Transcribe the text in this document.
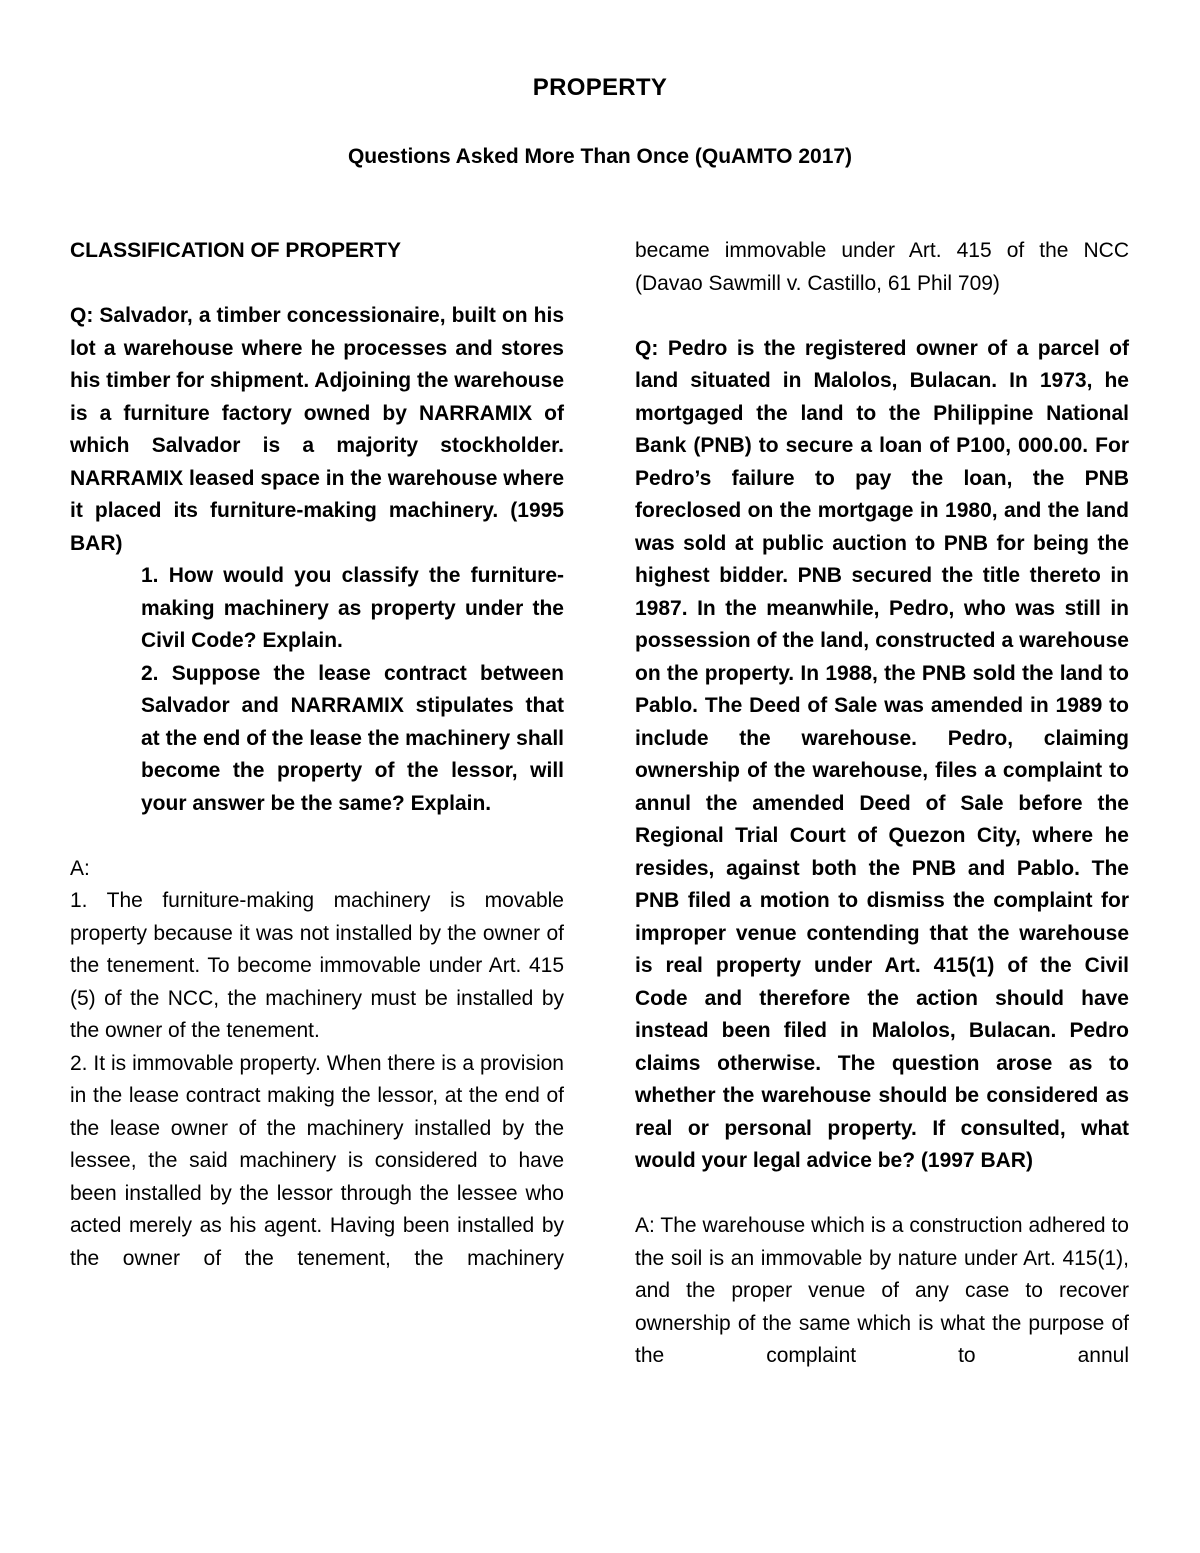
PROPERTY
Questions Asked More Than Once (QuAMTO 2017)

CLASSIFICATION OF PROPERTY

Q: Salvador, a timber concessionaire, built on his lot a warehouse where he processes and stores his timber for shipment. Adjoining the warehouse is a furniture factory owned by NARRAMIX of which Salvador is a majority stockholder. NARRAMIX leased space in the warehouse where it placed its furniture-making machinery. (1995 BAR)

1. How would you classify the furniture-making machinery as property under the Civil Code? Explain.

2. Suppose the lease contract between Salvador and NARRAMIX stipulates that at the end of the lease the machinery shall become the property of the lessor, will your answer be the same? Explain.

A:

1. The furniture-making machinery is movable property because it was not installed by the owner of the tenement. To become immovable under Art. 415 (5) of the NCC, the machinery must be installed by the owner of the tenement.

2. It is immovable property. When there is a provision in the lease contract making the lessor, at the end of the lease owner of the machinery installed by the lessee, the said machinery is considered to have been installed by the lessor through the lessee who acted merely as his agent. Having been installed by the owner of the tenement, the machinery

became immovable under Art. 415 of the NCC (Davao Sawmill v. Castillo, 61 Phil 709)

Q: Pedro is the registered owner of a parcel of land situated in Malolos, Bulacan. In 1973, he mortgaged the land to the Philippine National Bank (PNB) to secure a loan of P100, 000.00. For Pedro’s failure to pay the loan, the PNB foreclosed on the mortgage in 1980, and the land was sold at public auction to PNB for being the highest bidder. PNB secured the title thereto in 1987. In the meanwhile, Pedro, who was still in possession of the land, constructed a warehouse on the property. In 1988, the PNB sold the land to Pablo. The Deed of Sale was amended in 1989 to include the warehouse. Pedro, claiming ownership of the warehouse, files a complaint to annul the amended Deed of Sale before the Regional Trial Court of Quezon City, where he resides, against both the PNB and Pablo. The PNB filed a motion to dismiss the complaint for improper venue contending that the warehouse is real property under Art. 415(1) of the Civil Code and therefore the action should have instead been filed in Malolos, Bulacan. Pedro claims otherwise. The question arose as to whether the warehouse should be considered as real or personal property. If consulted, what would your legal advice be? (1997 BAR)

A: The warehouse which is a construction adhered to the soil is an immovable by nature under Art. 415(1), and the proper venue of any case to recover ownership of the same which is what the purpose of the complaint to annul
